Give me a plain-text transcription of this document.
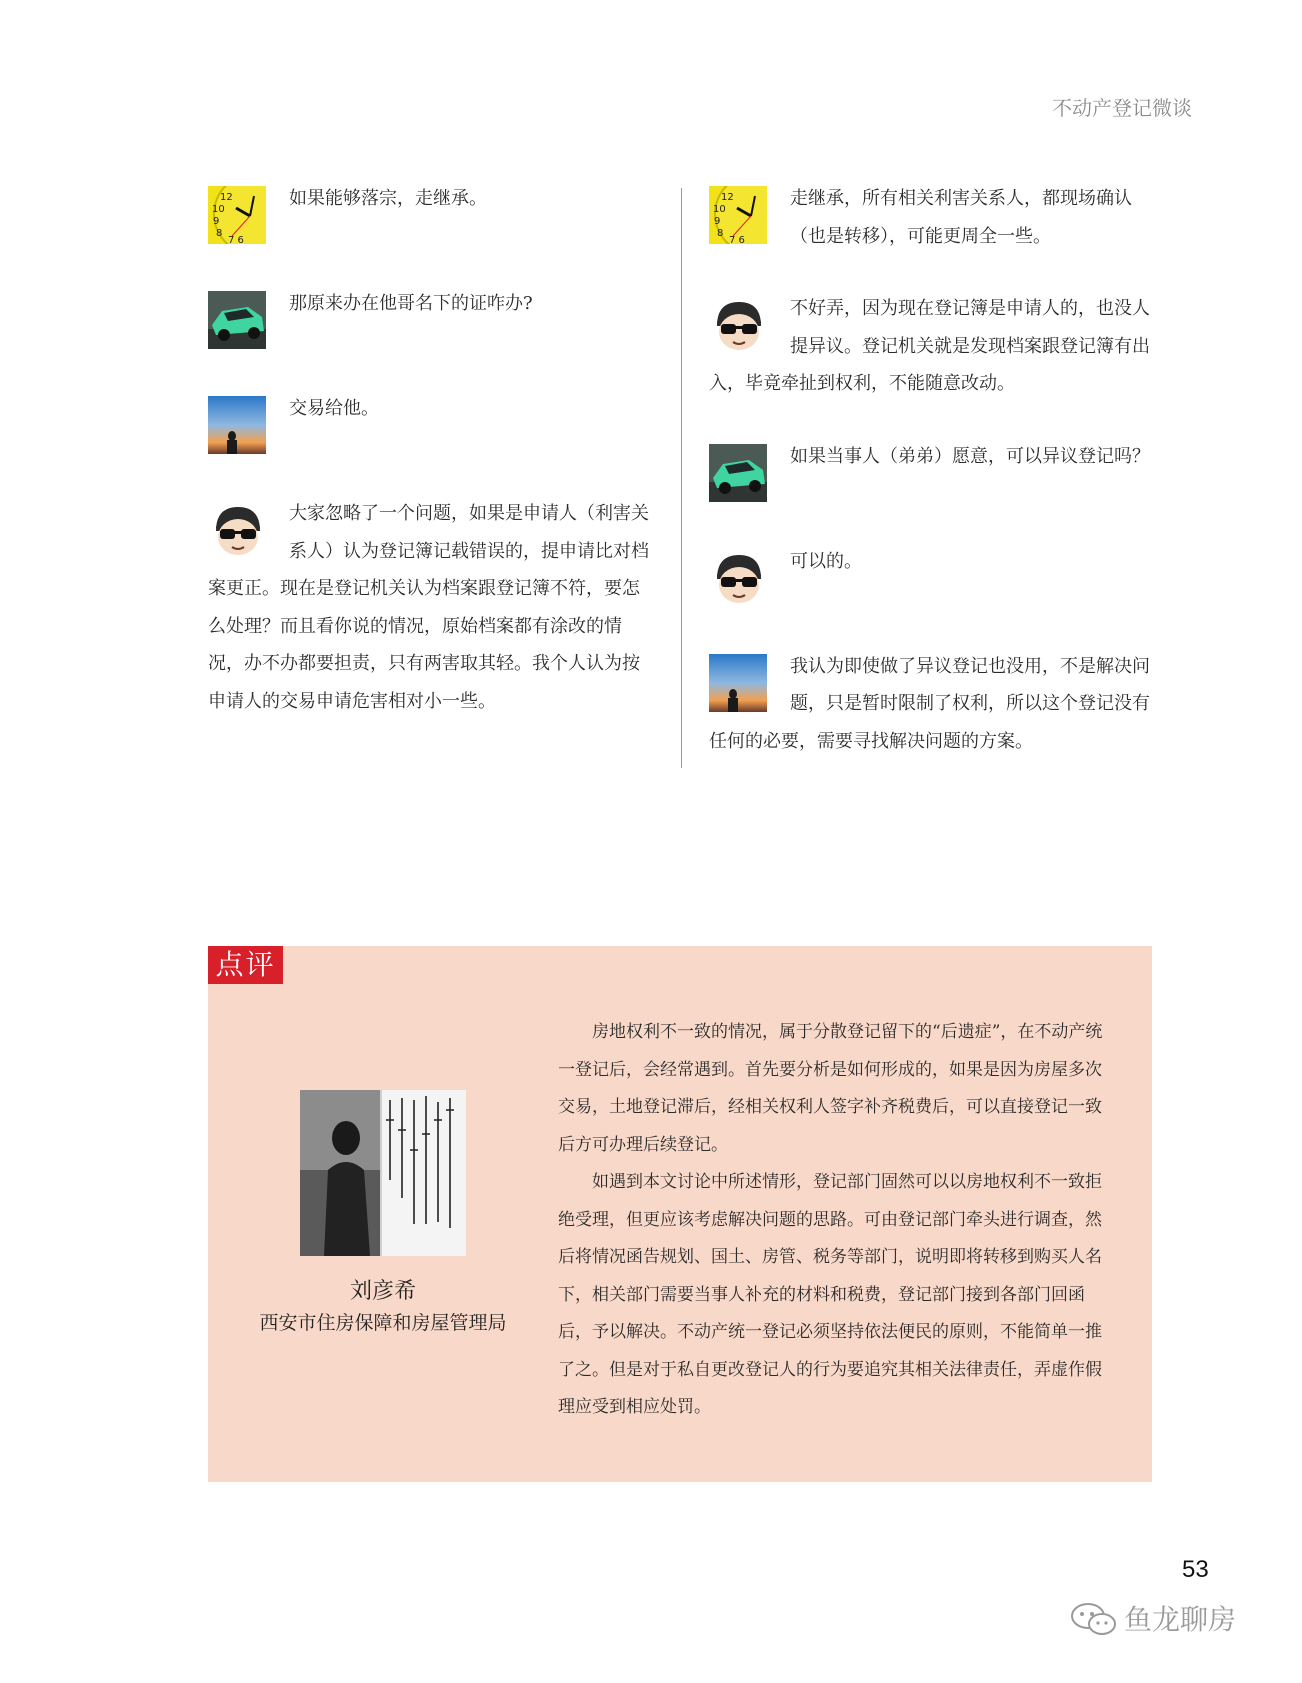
不动产登记微谈
如果能够落宗，走继承。
那原来办在他哥名下的证咋办?
交易给他。
大家忽略了一个问题，如果是申请人（利害关系人）认为登记簿记载错误的，提申请比对档案更正。现在是登记机关认为档案跟登记簿不符，要怎么处理？而且看你说的情况，原始档案都有涂改的情况，办不办都要担责，只有两害取其轻。我个人认为按申请人的交易申请危害相对小一些。
走继承，所有相关利害关系人，都现场确认（也是转移），可能更周全一些。
不好弄，因为现在登记簿是申请人的，也没人提异议。登记机关就是发现档案跟登记簿有出入，毕竟牵扯到权利，不能随意改动。
如果当事人（弟弟）愿意，可以异议登记吗？
可以的。
我认为即使做了异议登记也没用，不是解决问题，只是暂时限制了权利，所以这个登记没有任何的必要，需要寻找解决问题的方案。
点评
刘彦希
西安市住房保障和房屋管理局

房地权利不一致的情况，属于分散登记留下的“后遗症”，在不动产统一登记后，会经常遇到。首先要分析是如何形成的，如果是因为房屋多次交易，土地登记滞后，经相关权利人签字补齐税费后，可以直接登记一致后方可办理后续登记。

如遇到本文讨论中所述情形，登记部门固然可以以房地权利不一致拒绝受理，但更应该考虑解决问题的思路。可由登记部门牵头进行调查，然后将情况函告规划、国土、房管、税务等部门，说明即将转移到购买人名下，相关部门需要当事人补充的材料和税费，登记部门接到各部门回函后，予以解决。不动产统一登记必须坚持依法便民的原则，不能简单一推了之。但是对于私自更改登记人的行为要追究其相关法律责任，弄虚作假理应受到相应处罚。

53
鱼龙聊房
